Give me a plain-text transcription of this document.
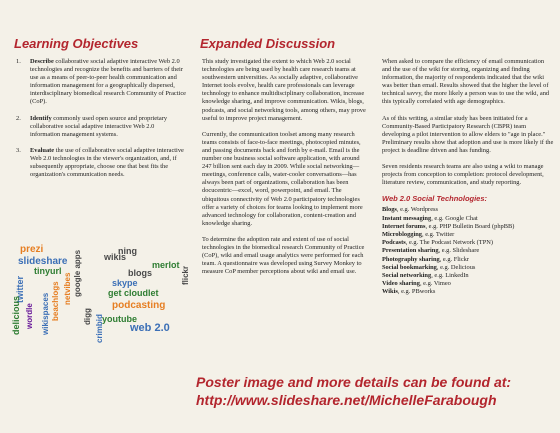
Learning Objectives	Expanded Discussion
1.	Describe collaborative social adaptive interactive Web 2.0 technologies and recognize the benefits and barriers of their use as a means of peer-to-peer health communication and information management for a geographically dispersed, interdisciplinary biomedical research Community of Practice (CoP).
2.	Identify commonly used open source and proprietary collaborative social adaptive interactive Web 2.0 information management systems.
3.	Evaluate the use of collaborative social adaptive interactive Web 2.0 technologies in the viewer's organization, and, if subsequently appropriate, choose one that best fits the organization's communication needs.
prezi
wikis
twitter
slideshare
tinyurl google apps
netvibes
delicious wordle beachlogs
wikispaces	digg
ning
merlot
blogs
skype
get cloudlet
podcasting
flickr
youtube
web 2.0
crimbid

This study investigated the extent to which Web 2.0 social technologies are being used by health care research teams at southwestern universities. As socially adaptive, collaborative Internet tools evolve, health care professionals can leverage technology to enhance multidisciplinary collaboration, increase knowledge sharing, and improve communication. Wikis, blogs, podcasts, and social networking tools, among others, may prove useful to improve project management.

Currently, the communication toolset among many research teams consists of face-to-face meetings, photocopied minutes, and passing documents back and forth by e-mail. Email is the number one business social software application, with around 247 billion sent each day in 2009. While social networking—meetings, conference calls, water-cooler conversations—has always been part of organizations, collaboration has been docucentric—excel, word, powerpoint, and email. The ubiquitous connectivity of Web 2.0 participatory technologies offer a variety of choices for teams looking to implement more advanced technology for collaboration, content-creation and knowledge sharing.

To determine the adoption rate and extent of use of social technologies in the biomedical research Community of Practice (CoP), wiki and email usage analytics were performed for each team. A questionnaire was developed using Survey Monkey to measure CoP member perceptions about wiki and email use.

When asked to compare the efficiency of email communication and the use of the wiki for storing, organizing and finding information, the majority of respondents indicated that the wiki was better than email. Results showed that the higher the level of technical savvy, the more likely a person was to use the wiki, and this typically correlated with age demographics.

As of this writing, a similar study has been initiated for a Community-Based Participatory Research (CBPR) team developing a pilot intervention to allow elders to "age in place." Preliminary results show that adoption and use is more likely if the project is deadline driven and has funding.

Seven residents research teams are also using a wiki to manage projects from conception to completion: protocol development, literature review, communication, and study reporting.

Web 2.0 Social Technologies:
Blogs, e.g. Wordpress
Instant messaging, e.g. Google Chat
Internet forums, e.g. PHP Bulletin Board (phpBB)
Microblogging, e.g. Twitter
Podcasts, e.g. The Podcast Network (TPN)
Presentation sharing, e.g. Slideshare
Photography sharing, e.g. Flickr
Social bookmarking, e.g. Delicious
Social networking, e.g. LinkedIn
Video sharing, e.g. Vimeo
Wikis, e.g. PBworks
Poster image and more details can be found at:
http://www.slideshare.net/MichelleFarabough
